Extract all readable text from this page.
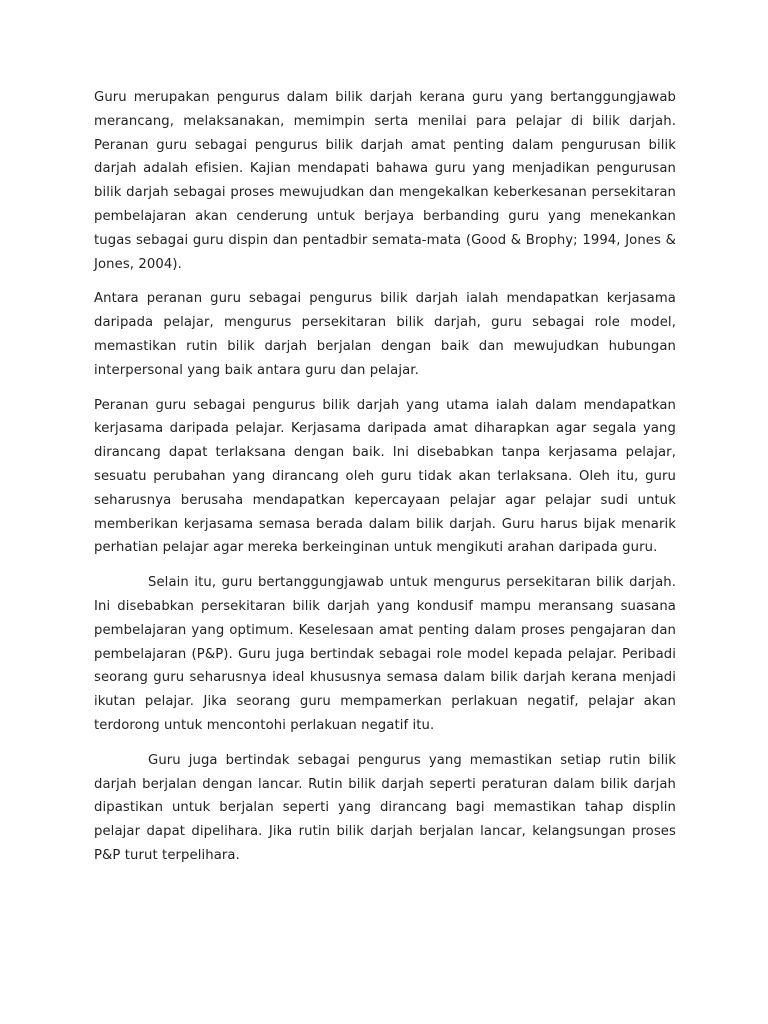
Guru merupakan pengurus dalam bilik darjah kerana guru yang bertanggungjawab merancang, melaksanakan, memimpin serta menilai para pelajar di bilik darjah. Peranan guru sebagai pengurus bilik darjah amat penting dalam pengurusan bilik darjah adalah efisien. Kajian mendapati bahawa guru yang menjadikan pengurusan bilik darjah sebagai proses mewujudkan dan mengekalkan keberkesanan persekitaran pembelajaran akan cenderung untuk berjaya berbanding guru yang menekankan tugas sebagai guru dispin dan pentadbir semata-mata (Good & Brophy; 1994, Jones & Jones, 2004).

Antara peranan guru sebagai pengurus bilik darjah ialah mendapatkan kerjasama daripada pelajar, mengurus persekitaran bilik darjah, guru sebagai role model, memastikan rutin bilik darjah berjalan dengan baik dan mewujudkan hubungan interpersonal yang baik antara guru dan pelajar.

Peranan guru sebagai pengurus bilik darjah yang utama ialah dalam mendapatkan kerjasama daripada pelajar. Kerjasama daripada amat diharapkan agar segala yang dirancang dapat terlaksana dengan baik. Ini disebabkan tanpa kerjasama pelajar, sesuatu perubahan yang dirancang oleh guru tidak akan terlaksana. Oleh itu, guru seharusnya berusaha mendapatkan kepercayaan pelajar agar pelajar sudi untuk memberikan kerjasama semasa berada dalam bilik darjah. Guru harus bijak menarik perhatian pelajar agar mereka berkeinginan untuk mengikuti arahan daripada guru.

Selain itu, guru bertanggungjawab untuk mengurus persekitaran bilik darjah. Ini disebabkan persekitaran bilik darjah yang kondusif mampu meransang suasana pembelajaran yang optimum. Keselesaan amat penting dalam proses pengajaran dan pembelajaran (P&P). Guru juga bertindak sebagai role model kepada pelajar. Peribadi seorang guru seharusnya ideal khususnya semasa dalam bilik darjah kerana menjadi ikutan pelajar. Jika seorang guru mempamerkan perlakuan negatif, pelajar akan terdorong untuk mencontohi perlakuan negatif itu.

Guru juga bertindak sebagai pengurus yang memastikan setiap rutin bilik darjah berjalan dengan lancar. Rutin bilik darjah seperti peraturan dalam bilik darjah dipastikan untuk berjalan seperti yang dirancang bagi memastikan tahap displin pelajar dapat dipelihara. Jika rutin bilik darjah berjalan lancar, kelangsungan proses P&P turut terpelihara.
